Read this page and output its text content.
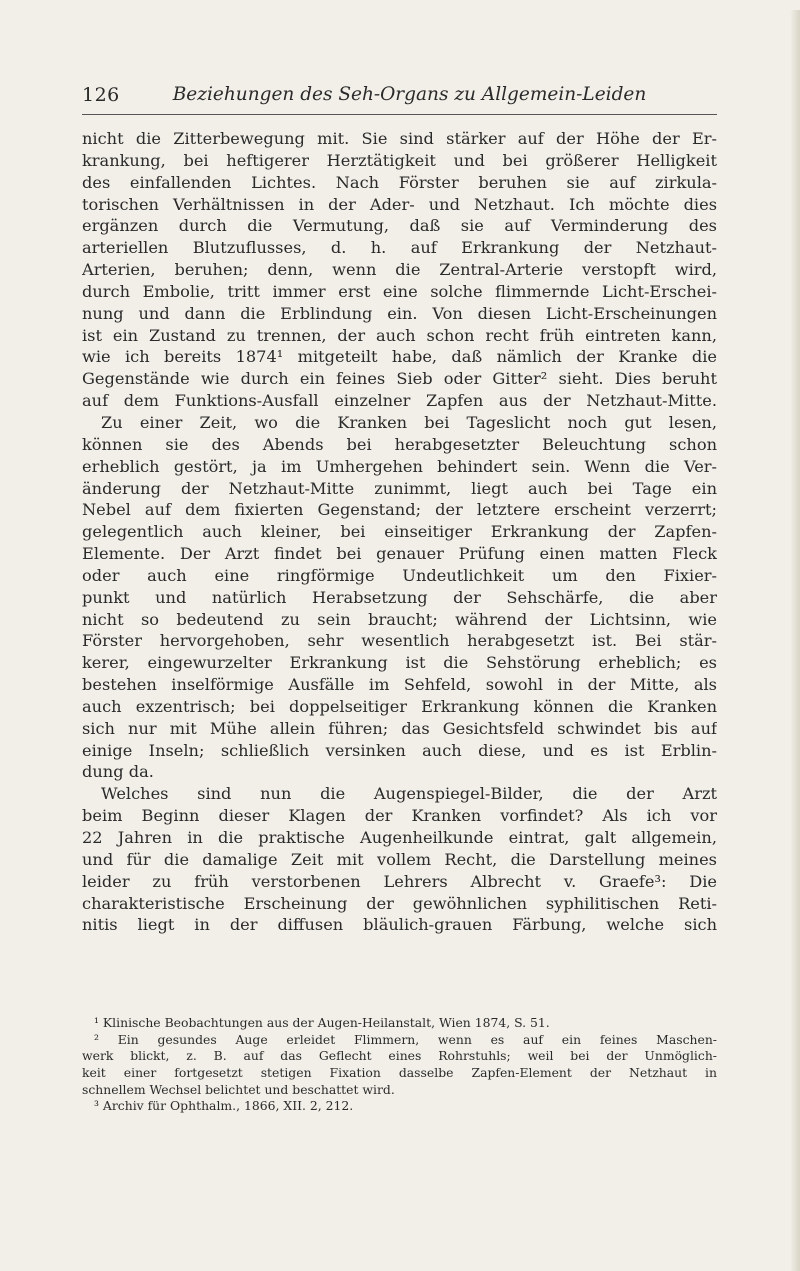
126	Beziehungen des Seh-Organs zu Allgemein-Leiden
nicht die Zitterbewegung mit. Sie sind stärker auf der Höhe der Er-
krankung, bei heftigerer Herztätigkeit und bei größerer Helligkeit
des einfallenden Lichtes. Nach Förster beruhen sie auf zirkula-
torischen Verhältnissen in der Ader- und Netzhaut. Ich möchte dies
ergänzen durch die Vermutung, daß sie auf Verminderung des
arteriellen Blutzuflusses, d. h. auf Erkrankung der Netzhaut-
Arterien, beruhen; denn, wenn die Zentral-Arterie verstopft wird,
durch Embolie, tritt immer erst eine solche flimmernde Licht-Erschei-
nung und dann die Erblindung ein. Von diesen Licht-Erscheinungen
ist ein Zustand zu trennen, der auch schon recht früh eintreten kann,
wie ich bereits 1874¹ mitgeteilt habe, daß nämlich der Kranke die
Gegenstände wie durch ein feines Sieb oder Gitter² sieht. Dies beruht
auf dem Funktions-Ausfall einzelner Zapfen aus der Netzhaut-Mitte.
Zu einer Zeit, wo die Kranken bei Tageslicht noch gut lesen,
können sie des Abends bei herabgesetzter Beleuchtung schon
erheblich gestört, ja im Umhergehen behindert sein. Wenn die Ver-
änderung der Netzhaut-Mitte zunimmt, liegt auch bei Tage ein
Nebel auf dem fixierten Gegenstand; der letztere erscheint verzerrt;
gelegentlich auch kleiner, bei einseitiger Erkrankung der Zapfen-
Elemente. Der Arzt findet bei genauer Prüfung einen matten Fleck
oder auch eine ringförmige Undeutlichkeit um den Fixier-
punkt und natürlich Herabsetzung der Sehschärfe, die aber
nicht so bedeutend zu sein braucht; während der Lichtsinn, wie
Förster hervorgehoben, sehr wesentlich herabgesetzt ist. Bei stär-
kerer, eingewurzelter Erkrankung ist die Sehstörung erheblich; es
bestehen inselförmige Ausfälle im Sehfeld, sowohl in der Mitte, als
auch exzentrisch; bei doppelseitiger Erkrankung können die Kranken
sich nur mit Mühe allein führen; das Gesichtsfeld schwindet bis auf
einige Inseln; schließlich versinken auch diese, und es ist Erblin-
dung da.
Welches sind nun die Augenspiegel-Bilder, die der Arzt
beim Beginn dieser Klagen der Kranken vorfindet? Als ich vor
22 Jahren in die praktische Augenheilkunde eintrat, galt allgemein,
und für die damalige Zeit mit vollem Recht, die Darstellung meines
leider zu früh verstorbenen Lehrers Albrecht v. Graefe³: Die
charakteristische Erscheinung der gewöhnlichen syphilitischen Reti-
nitis liegt in der diffusen bläulich-grauen Färbung, welche sich
¹ Klinische Beobachtungen aus der Augen-Heilanstalt, Wien 1874, S. 51.
² Ein gesundes Auge erleidet Flimmern, wenn es auf ein feines Maschen-
werk blickt, z. B. auf das Geflecht eines Rohrstuhls; weil bei der Unmöglich-
keit einer fortgesetzt stetigen Fixation dasselbe Zapfen-Element der Netzhaut in
schnellem Wechsel belichtet und beschattet wird.
³ Archiv für Ophthalm., 1866, XII. 2, 212.
